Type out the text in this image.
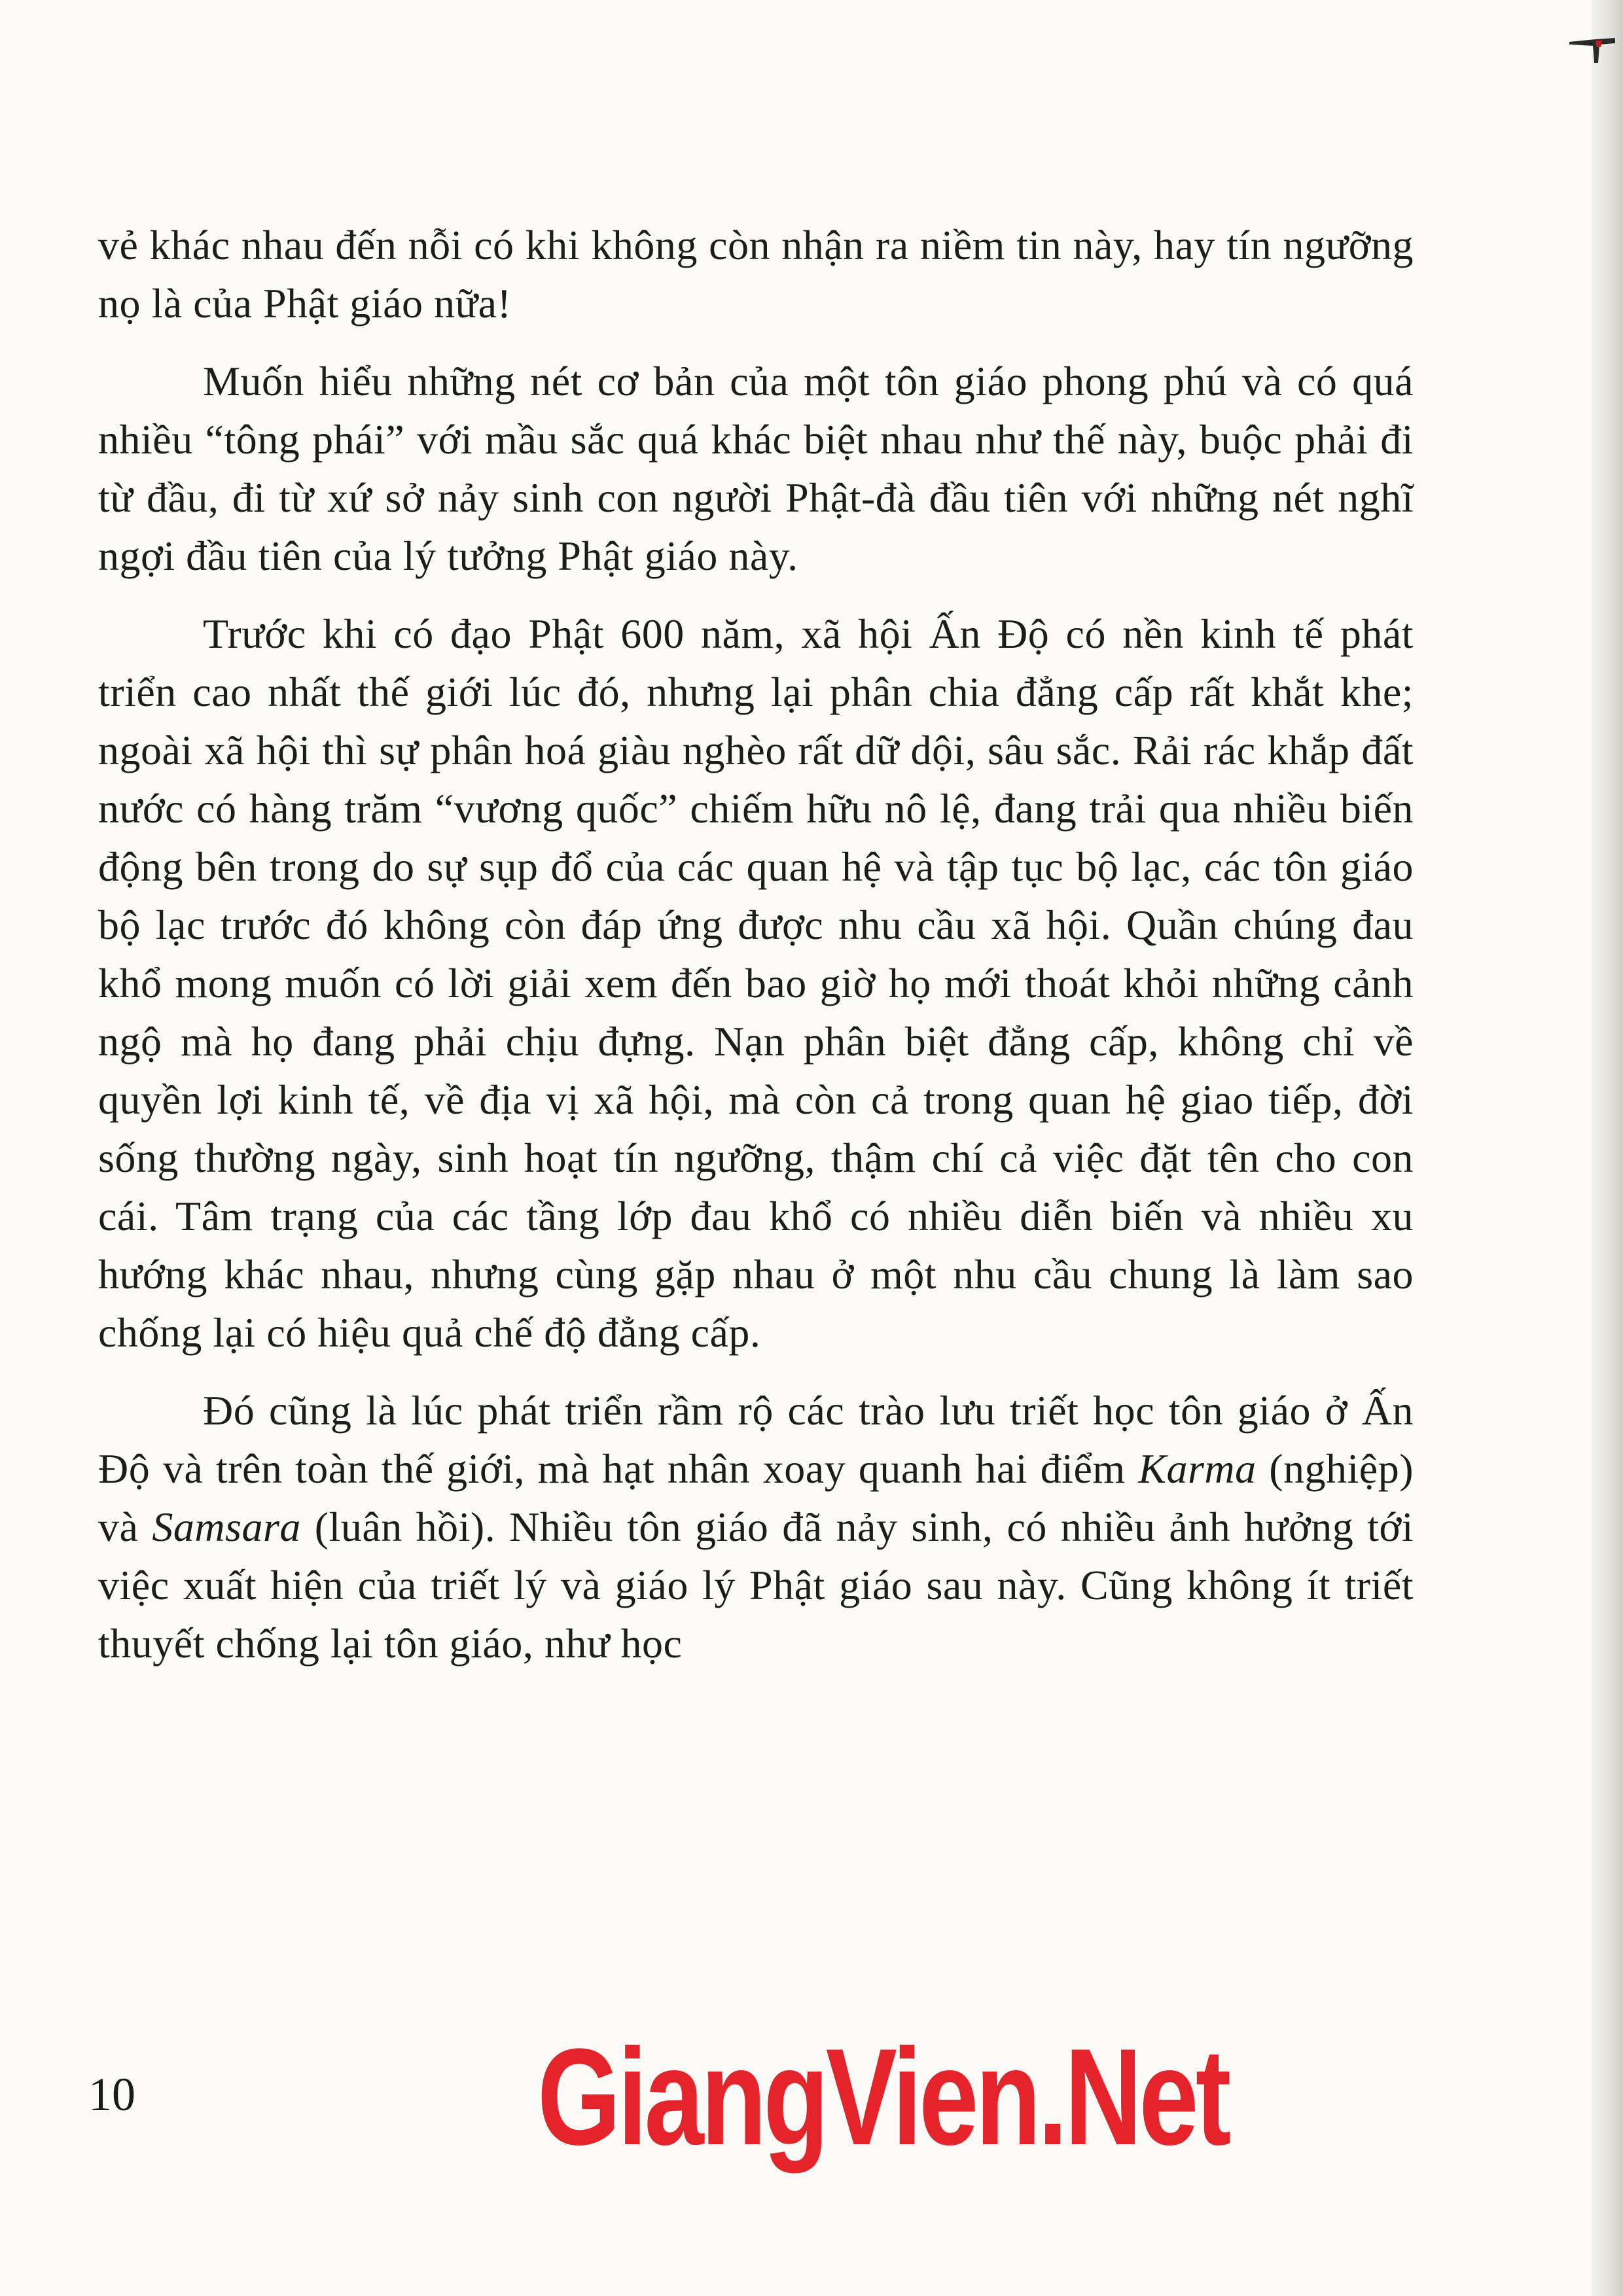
vẻ khác nhau đến nỗi có khi không còn nhận ra niềm tin này, hay tín ngưỡng nọ là của Phật giáo nữa!

Muốn hiểu những nét cơ bản của một tôn giáo phong phú và có quá nhiều “tông phái” với mầu sắc quá khác biệt nhau như thế này, buộc phải đi từ đầu, đi từ xứ sở nảy sinh con người Phật-đà đầu tiên với những nét nghĩ ngợi đầu tiên của lý tưởng Phật giáo này.

Trước khi có đạo Phật 600 năm, xã hội Ấn Độ có nền kinh tế phát triển cao nhất thế giới lúc đó, nhưng lại phân chia đẳng cấp rất khắt khe; ngoài xã hội thì sự phân hoá giàu nghèo rất dữ dội, sâu sắc. Rải rác khắp đất nước có hàng trăm “vương quốc” chiếm hữu nô lệ, đang trải qua nhiều biến động bên trong do sự sụp đổ của các quan hệ và tập tục bộ lạc, các tôn giáo bộ lạc trước đó không còn đáp ứng được nhu cầu xã hội. Quần chúng đau khổ mong muốn có lời giải xem đến bao giờ họ mới thoát khỏi những cảnh ngộ mà họ đang phải chịu đựng. Nạn phân biệt đẳng cấp, không chỉ về quyền lợi kinh tế, về địa vị xã hội, mà còn cả trong quan hệ giao tiếp, đời sống thường ngày, sinh hoạt tín ngưỡng, thậm chí cả việc đặt tên cho con cái. Tâm trạng của các tầng lớp đau khổ có nhiều diễn biến và nhiều xu hướng khác nhau, nhưng cùng gặp nhau ở một nhu cầu chung là làm sao chống lại có hiệu quả chế độ đẳng cấp.

Đó cũng là lúc phát triển rầm rộ các trào lưu triết học tôn giáo ở Ấn Độ và trên toàn thế giới, mà hạt nhân xoay quanh hai điểm Karma (nghiệp) và Samsara (luân hồi). Nhiều tôn giáo đã nảy sinh, có nhiều ảnh hưởng tới việc xuất hiện của triết lý và giáo lý Phật giáo sau này. Cũng không ít triết thuyết chống lại tôn giáo, như học

10	GiangVien.Net
